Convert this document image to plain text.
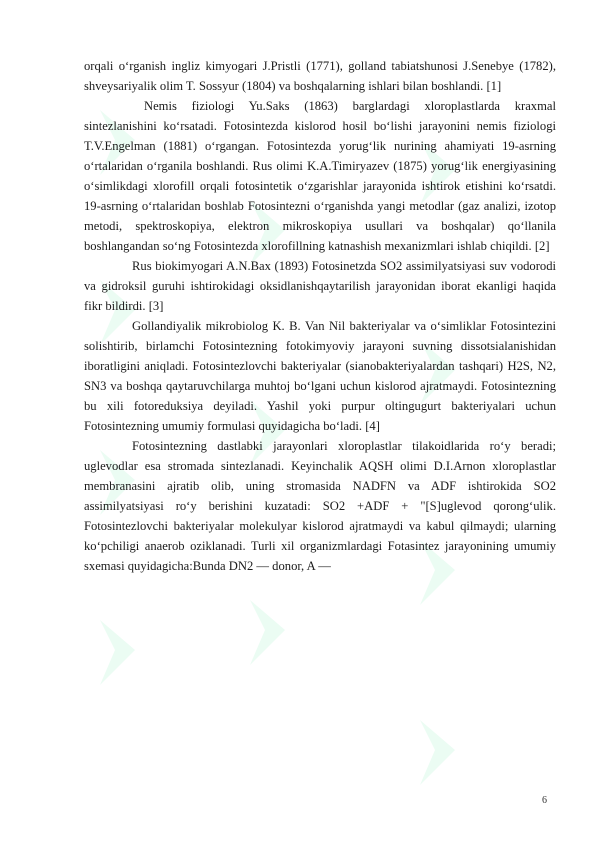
orqali o‘rganish ingliz kimyogari J.Pristli (1771), golland tabiatshunosi J.Senebye (1782), shveysariyalik olim T. Sossyur (1804) va boshqalarning ishlari bilan boshlandi. [1]

Nemis fiziologi Yu.Saks (1863) barglardagi xloroplastlarda kraxmal sintezlanishini ko‘rsatadi. Fotosintezda kislorod hosil bo‘lishi jarayonini nemis fiziologi T.V.Engelman (1881) o‘rgangan. Fotosintezda yorug‘lik nurining ahamiyati 19-asrning o‘rtalaridan o‘rganila boshlandi. Rus olimi K.A.Timiryazev (1875) yorug‘lik energiyasining o‘simlikdagi xlorofill orqali fotosintetik o‘zgarishlar jarayonida ishtirok etishini ko‘rsatdi. 19-asrning o‘rtalaridan boshlab Fotosintezni o‘rganishda yangi metodlar (gaz analizi, izotop metodi, spektroskopiya, elektron mikroskopiya usullari va boshqalar) qo‘llanila boshlangandan so‘ng Fotosintezda xlorofillning katnashish mexanizmlari ishlab chiqildi. [2]

Rus biokimyogari A.N.Bax (1893) Fotosinetzda SO2 assimilyatsiyasi suv vodorodi va gidroksil guruhi ishtirokidagi oksidlanishqaytarilish jarayonidan iborat ekanligi haqida fikr bildirdi. [3]

Gollandiyalik mikrobiolog K. B. Van Nil bakteriyalar va o‘simliklar Fotosintezini solishtirib, birlamchi Fotosintezning fotokimyoviy jarayoni suvning dissotsialanishidan iboratligini aniqladi. Fotosintezlovchi bakteriyalar (sianobakteriyalardan tashqari) H2S, N2, SN3 va boshqa qaytaruvchilarga muhtoj bo‘lgani uchun kislorod ajratmaydi. Fotosintezning bu xili fotoreduksiya deyiladi. Yashil yoki purpur oltingugurt bakteriyalari uchun Fotosintezning umumiy formulasi quyidagicha bo‘ladi. [4]

Fotosintezning dastlabki jarayonlari xloroplastlar tilakoidlarida ro‘y beradi; uglevodlar esa stromada sintezlanadi. Keyinchalik AQSH olimi D.I.Arnon xloroplastlar membranasini ajratib olib, uning stromasida NADFN va ADF ishtirokida SO2 assimilyatsiyasi ro‘y berishini kuzatadi: SO2 +ADF + "[S]uglevod qorong‘ulik. Fotosintezlovchi bakteriyalar molekulyar kislorod ajratmaydi va kabul qilmaydi; ularning ko‘pchiligi anaerob oziklanadi. Turli xil organizmlardagi Fotasintez jarayonining umumiy sxemasi quyidagicha:Bunda DN2 — donor, A —

6
